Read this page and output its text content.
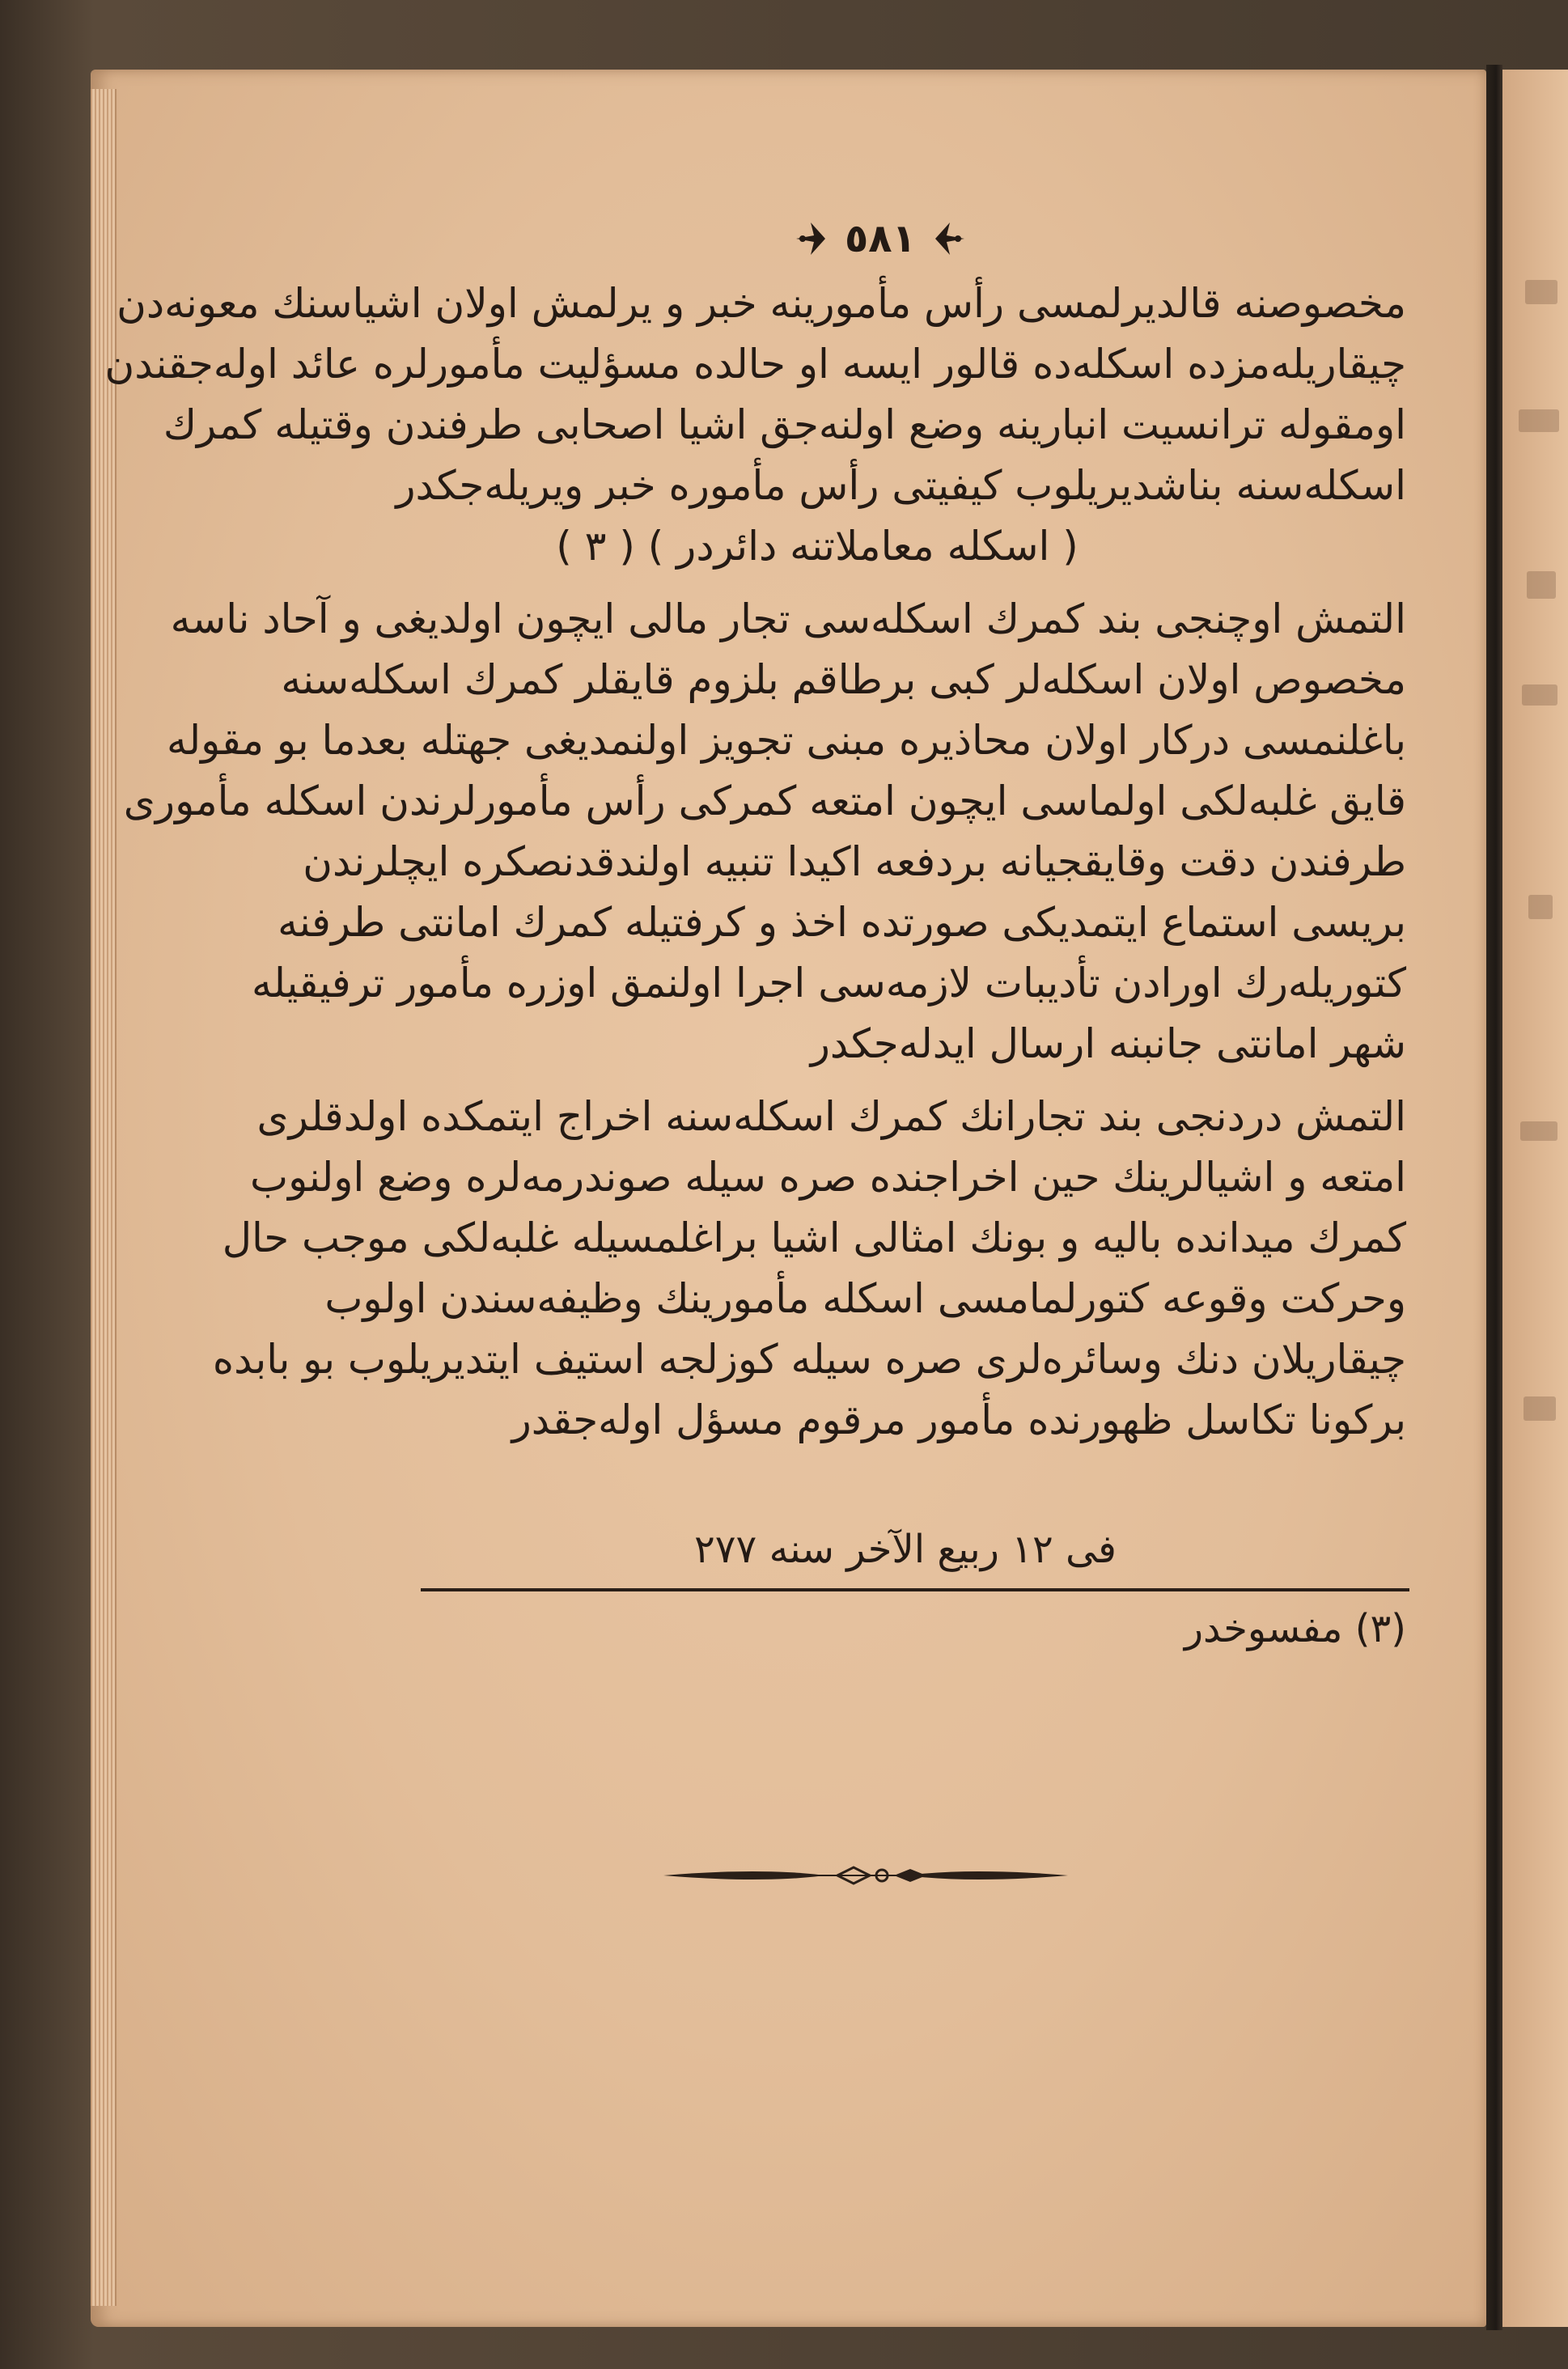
٥٨١
مخصوصنه قالدیرلمسی رأس مأمورینه خبر و یرلمش اولان اشیاسنك معونه‌دن
چیقاریله‌مزده اسکله‌ده قالور ایسه او حالده مسؤلیت مأمورلره عائد اوله‌جقندن
اومقوله ترانسیت انبارینه وضع اولنه‌جق اشیا اصحابی طرفندن وقتیله کمرك
اسکله‌سنه بناشدیریلوب کیفیتی رأس مأموره خبر ویریله‌جکدر
( اسکله معاملاتنه دائردر ) ( ٣ )
التمش اوچنجی بند کمرك اسکله‌سی تجار مالی ایچون اولدیغی و آحاد ناسه
مخصوص اولان اسکله‌لر کبی برطاقم بلزوم قایقلر کمرك اسکله‌سنه
باغلنمسی درکار اولان محاذیره مبنی تجویز اولنمدیغی جهتله بعدما بو مقوله
قایق غلبه‌لکی اولماسی ایچون امتعه کمرکی رأس مأمورلرندن اسکله مأموری
طرفندن دقت وقایقجیانه بردفعه اکیدا تنبیه اولندقدنصکره ایچلرندن
بریسی استماع ایتمدیکی صورتده اخذ و کرفتیله کمرك امانتی طرفنه
کتوریله‌رك اورادن تأدیبات لازمه‌سی اجرا اولنمق اوزره مأمور ترفیقیله
شهر امانتی جانبنه ارسال اید‌له‌جکدر
التمش دردنجی بند تجارانك کمرك اسکله‌سنه اخراج ایتمکده اولدقلری
امتعه و اشیالرینك حین اخراجنده صره سیله صوندرمه‌لره وضع اولنوب
کمرك میدانده بالیه و بونك امثالی اشیا براغلمسیله غلبه‌لکی موجب حال
وحرکت وقوعه کتورلمامسی اسکله مأمورینك وظیفه‌سندن اولوب
چیقاریلان دنك وسائره‌لری صره سیله کوزلجه استیف ایتدیریلوب بو بابده
برکونا تکاسل ظهورنده مأمور مرقوم مسؤل اوله‌جقدر
فی ١٢ ربیع الآخر سنه ٢٧٧
(٣) مفسوخدر
